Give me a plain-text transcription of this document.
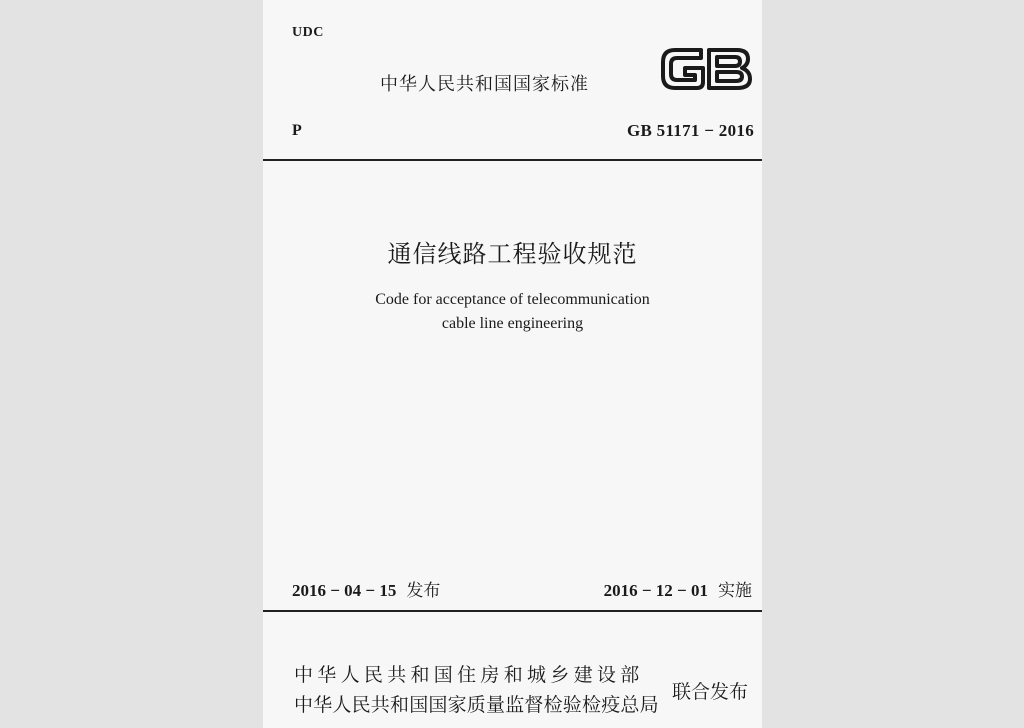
UDC
中华人民共和国国家标准
P	GB 51171 − 2016
通信线路工程验收规范
Code for acceptance of telecommunication
cable line engineering
2016 − 04 − 15 发布	2016 − 12 − 01 实施
中华人民共和国住房和城乡建设部
中华人民共和国国家质量监督检验检疫总局
联合发布
